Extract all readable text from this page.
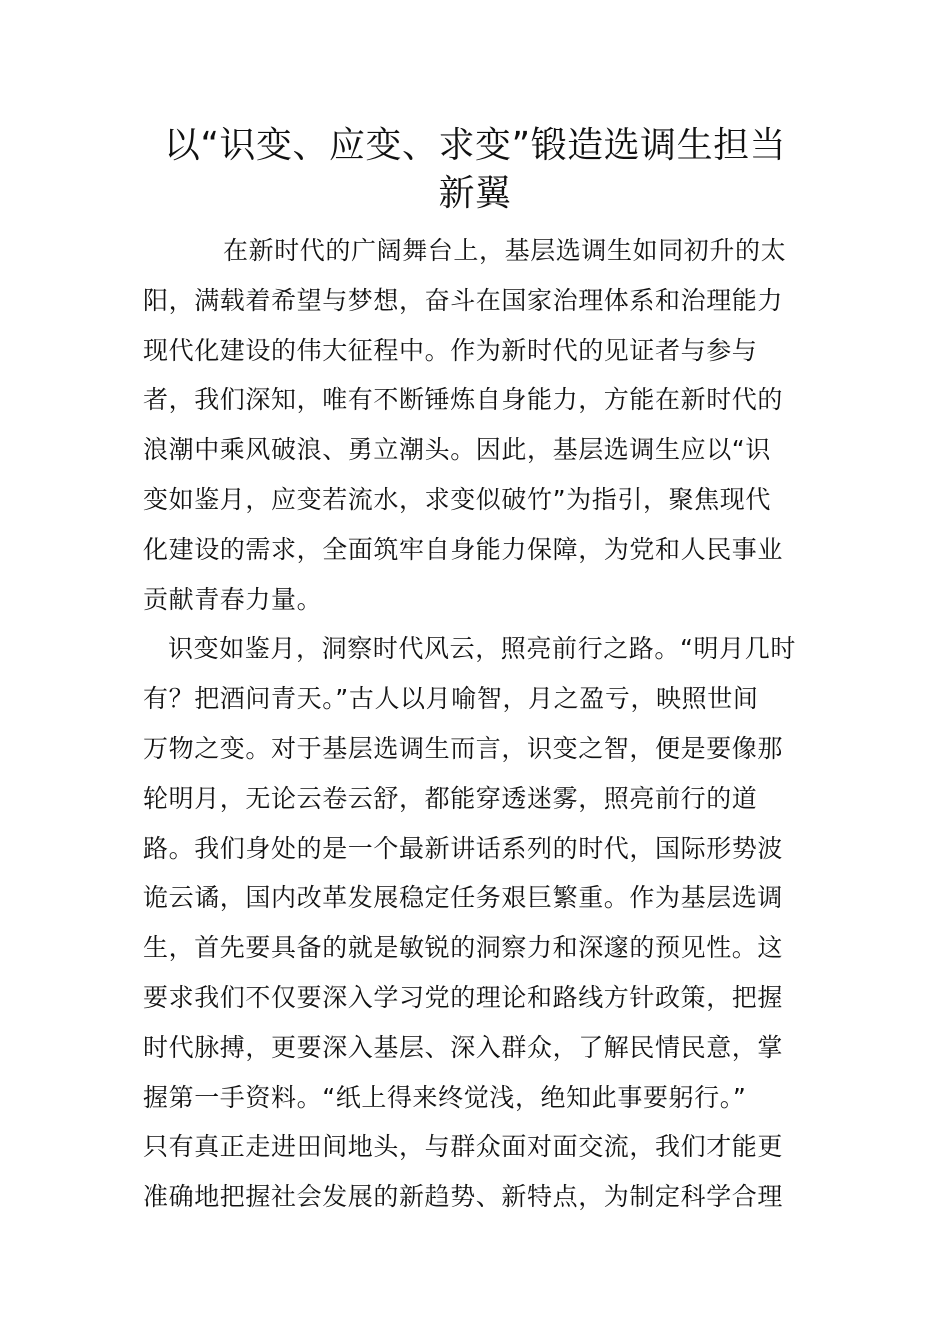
以“识变、应变、求变”锻造选调生担当
新翼

在新时代的广阔舞台上，基层选调生如同初升的太
阳，满载着希望与梦想，奋斗在国家治理体系和治理能力
现代化建设的伟大征程中。作为新时代的见证者与参与
者，我们深知，唯有不断锤炼自身能力，方能在新时代的
浪潮中乘风破浪、勇立潮头。因此，基层选调生应以“识
变如鉴月，应变若流水，求变似破竹”为指引，聚焦现代
化建设的需求，全面筑牢自身能力保障，为党和人民事业
贡献青春力量。

识变如鉴月，洞察时代风云，照亮前行之路。“明月几时
有？把酒问青天。”古人以月喻智，月之盈亏，映照世间
万物之变。对于基层选调生而言，识变之智，便是要像那
轮明月，无论云卷云舒，都能穿透迷雾，照亮前行的道
路。我们身处的是一个最新讲话系列的时代，国际形势波
诡云谲，国内改革发展稳定任务艰巨繁重。作为基层选调
生，首先要具备的就是敏锐的洞察力和深邃的预见性。这
要求我们不仅要深入学习党的理论和路线方针政策，把握
时代脉搏，更要深入基层、深入群众，了解民情民意，掌
握第一手资料。“纸上得来终觉浅，绝知此事要躬行。”
只有真正走进田间地头，与群众面对面交流，我们才能更
准确地把握社会发展的新趋势、新特点，为制定科学合理
